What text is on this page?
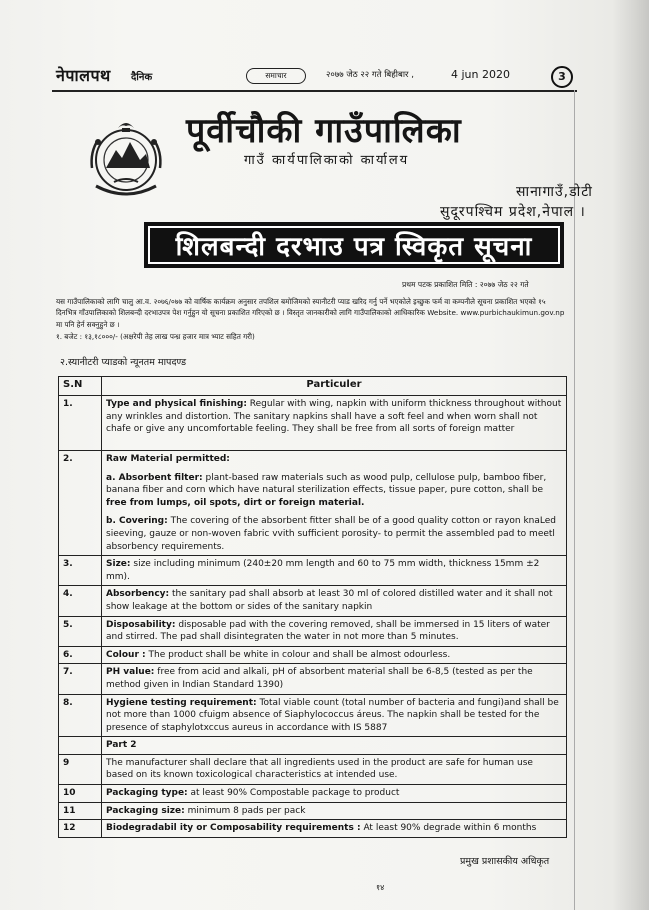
नेपालपथ दैनिक	समाचार	२०७७ जेठ २२ गते बिहीबार ,	4 jun 2020	3
पूर्वीचौकी गाउँपालिका
गाउँ कार्यपालिकाको कार्यालय
सानागाउँ,डोटी
सुदूरपश्चिम प्रदेश,नेपाल ।
शिलबन्दी दरभाउ पत्र स्विकृत सूचना
प्रथम पटक प्रकाशित मिति : २०७७ जेठ २२ गते

यस गाउँपालिकाको लागि चालु आ.व. २०७६/०७७ को वार्षिक कार्यक्रम अनुसार तपशिल बमोजिमको स्यानीटरी प्याड खरिद गर्नु पर्ने भएकोले इच्छुक फर्म वा कम्पनीले सूचना प्रकाशित भएको १५ दिनभित्र गाँउपालिकाको शिलबन्दी दरभाउपत्र पेश गर्नुहुन यो सूचना प्रकाशित गरिएको छ । विस्तृत जानकारीको लागि गाउँपालिकाको आधिकारिक Website. www.purbichaukimun.gov.np मा पनि हेर्न सक्नुहुने छ ।

१. बजेट : १३,१८०००/- (अक्षरेपी तेह लाख पन्ध्र हजार मात्र भ्याट सहित गरी)

२.स्यानीटरी प्याडको न्यूनतम मापदण्ड
S.N	Particuler
1.	Type and physical finishing: Regular with wing, napkin with uniform thickness throughout without any wrinkles and distortion. The sanitary napkins shall have a soft feel and when worn shall not chafe or give any uncomfortable feeling. They shall be free from all sorts of foreign matter
2.	Raw Material permitted:
a. Absorbent filter: plant-based raw materials such as wood pulp, cellulose pulp, bamboo fiber, banana fiber and corn which have natural sterilization effects, tissue paper, pure cotton, shall be free from lumps, oil spots, dirt or foreign material.
b. Covering: The covering of the absorbent fitter shall be of a good quality cotton or rayon knaLed sieeving, gauze or non-woven fabric vvith sufficient porosity- to permit the assembled pad to meetl absorbency requirements.

3.	Size: size including minimum (240±20 mm length and 60 to 75 mm width, thickness 15mm ±2 mm).
4.	Absorbency: the sanitary pad shall absorb at least 30 ml of colored distilled water and it shall not show leakage at the bottom or sides of the sanitary napkin
5.	Disposability: disposable pad with the covering removed, shall be immersed in 15 liters of water and stirred. The pad shall disintegraten the water in not more than 5 minutes.
6.	Colour : The product shall be white in colour and shall be almost odourless.
7.	PH value: free from acid and alkali, pH of absorbent material shall be 6-8,5 (tested as per the method given in Indian Standard 1390)
8.	Hygiene testing requirement: Total viable count (total number of bacteria and fungi)and shall be not more than 1000 cfuigm absence of Siaphylococcus áreus. The napkin shall be tested for the presence of staphylotxccus aureus in accordance with IS 5887
	Part 2
9	The manufacturer shall declare that all ingredients used in the product are safe for human use based on its known toxicological characteristics at intended use.
10	Packaging type: at least 90% Compostable package to product
11	Packaging size: minimum 8 pads per pack
12	Biodegradabil ity or Composability requirements : At least 90% degrade within 6 months
प्रमुख प्रशासकीय अधिकृत
१४
